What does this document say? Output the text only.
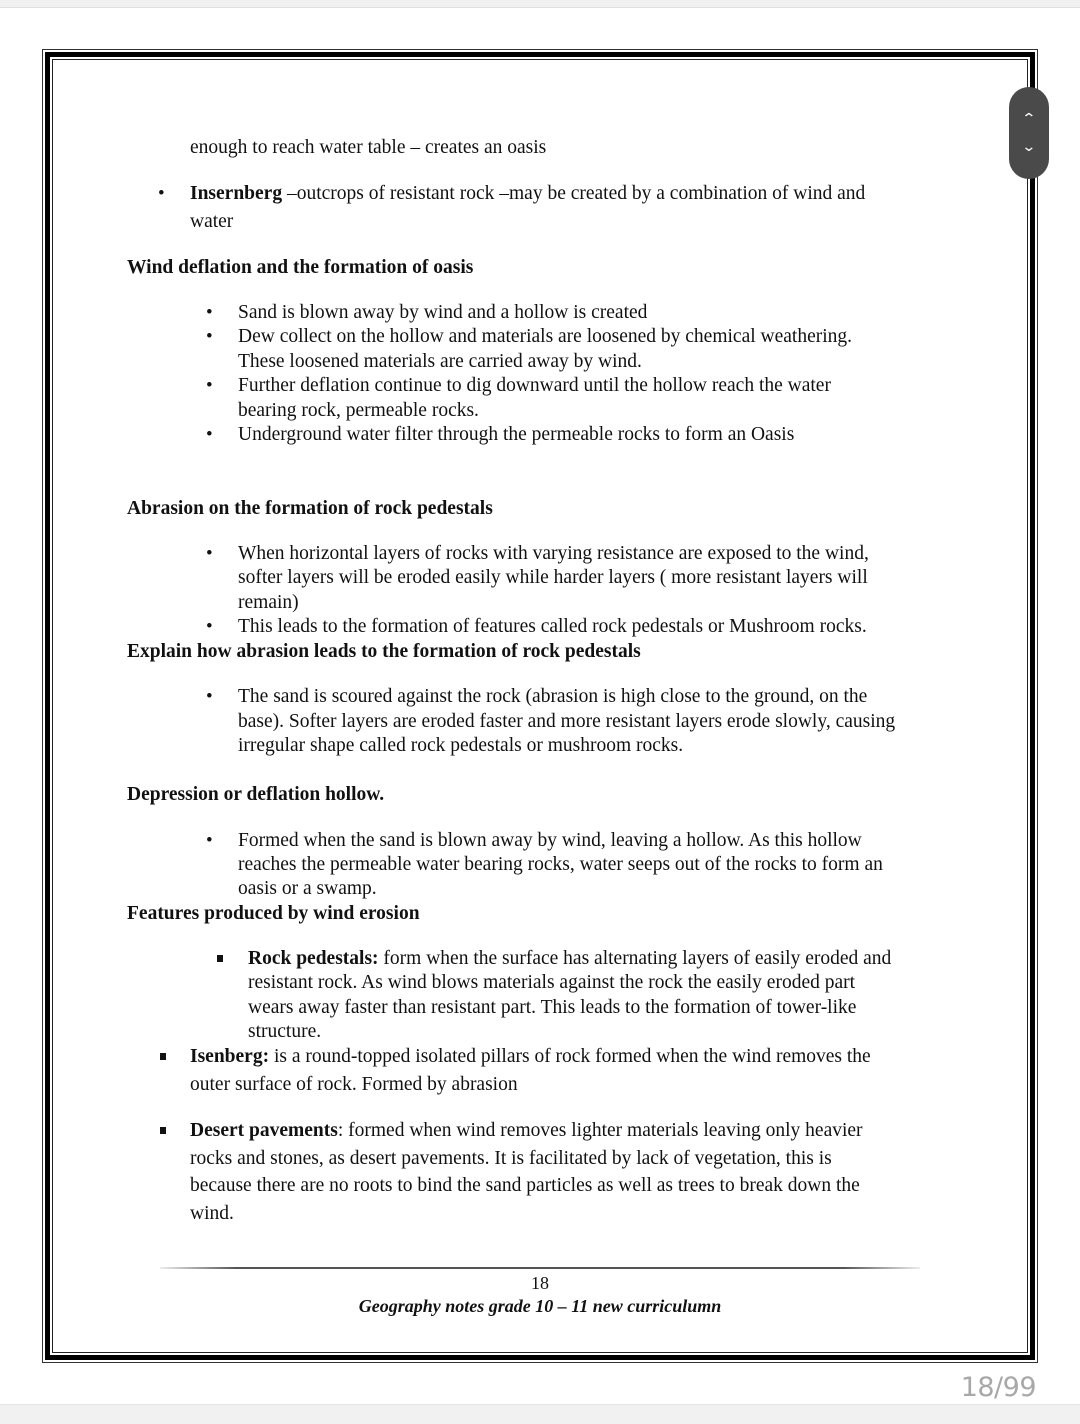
enough to reach water table – creates an oasis
• Insernberg –outcrops of resistant rock –may be created by a combination of wind and
water
Wind deflation and the formation of oasis
• Sand is blown away by wind and a hollow is created
• Dew collect on the hollow and materials are loosened by chemical weathering.
These loosened materials are carried away by wind.
• Further deflation continue to dig downward until the hollow reach the water
bearing rock, permeable rocks.
• Underground water filter through the permeable rocks to form an Oasis
Abrasion on the formation of rock pedestals
• When horizontal layers of rocks with varying resistance are exposed to the wind,
softer layers will be eroded easily while harder layers ( more resistant layers will
remain)
• This leads to the formation of features called rock pedestals or Mushroom rocks.
Explain how abrasion leads to the formation of rock pedestals
• The sand is scoured against the rock (abrasion is high close to the ground, on the
base). Softer layers are eroded faster and more resistant layers erode slowly, causing
irregular shape called rock pedestals or mushroom rocks.
Depression or deflation hollow.
• Formed when the sand is blown away by wind, leaving a hollow. As this hollow
reaches the permeable water bearing rocks, water seeps out of the rocks to form an
oasis or a swamp.
Features produced by wind erosion
Rock pedestals: form when the surface has alternating layers of easily eroded and
resistant rock. As wind blows materials against the rock the easily eroded part
wears away faster than resistant part. This leads to the formation of tower-like
structure.
Isenberg: is a round-topped isolated pillars of rock formed when the wind removes the
outer surface of rock. Formed by abrasion
Desert pavements: formed when wind removes lighter materials leaving only heavier
rocks and stones, as desert pavements. It is facilitated by lack of vegetation, this is
because there are no roots to bind the sand particles as well as trees to break down the
wind.
18
Geography notes grade 10 – 11 new curriculumn
⌃
⌄
18/99
